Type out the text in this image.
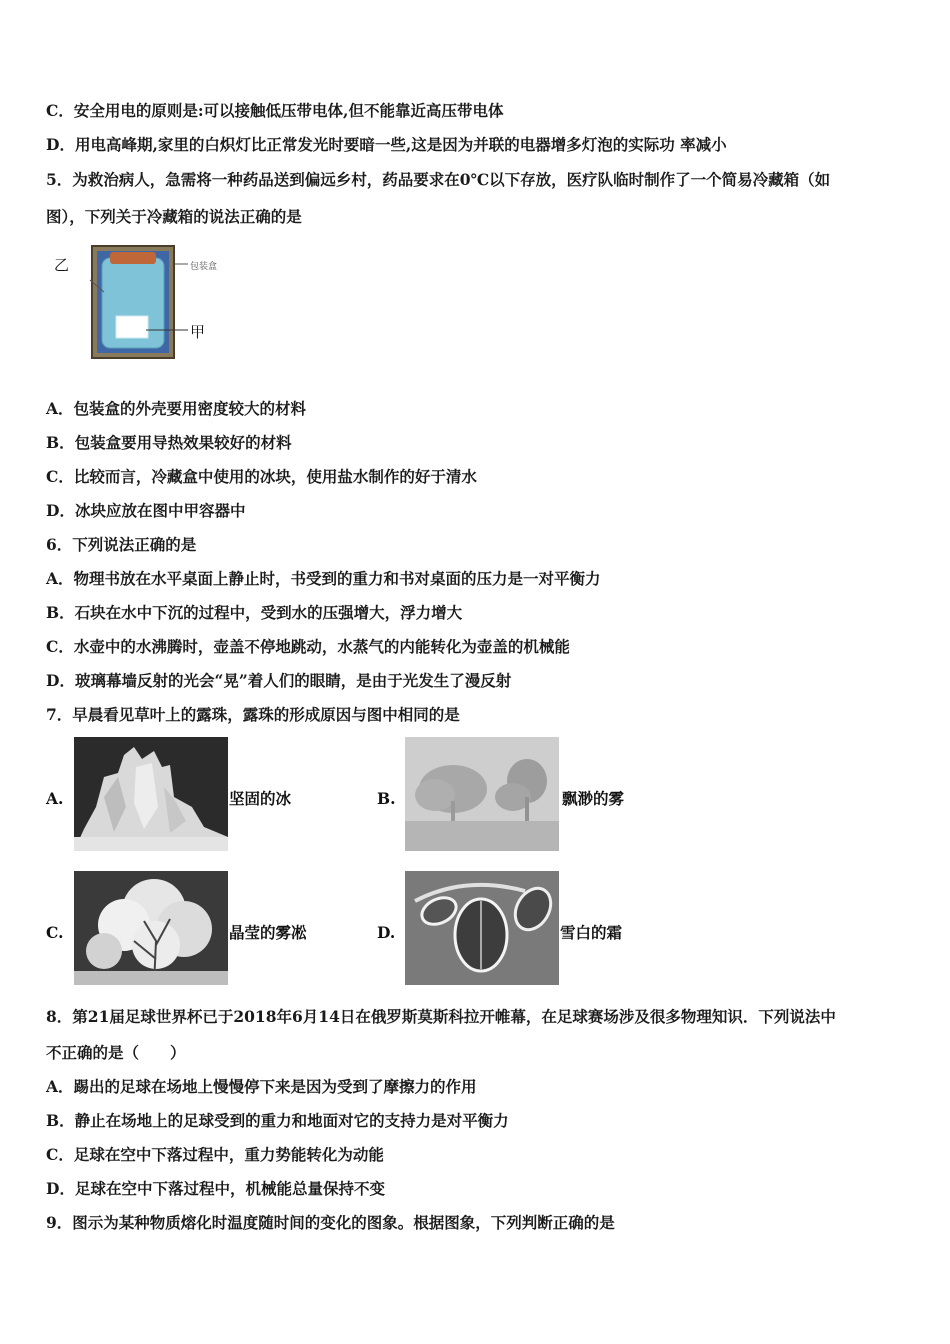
C．安全用电的原则是:可以接触低压带电体,但不能靠近高压带电体
D．用电高峰期,家里的白炽灯比正常发光时要暗一些,这是因为并联的电器增多灯泡的实际功 率减小
5．为救治病人，急需将一种药品送到偏远乡村，药品要求在0℃以下存放，医疗队临时制作了一个简易冷藏箱（如
图），下列关于冷藏箱的说法正确的是
乙	包装盒
甲
A．包装盒的外壳要用密度较大的材料
B．包装盒要用导热效果较好的材料
C．比较而言，冷藏盒中使用的冰块，使用盐水制作的好于清水
D．冰块应放在图中甲容器中
6．下列说法正确的是
A．物理书放在水平桌面上静止时，书受到的重力和书对桌面的压力是一对平衡力
B．石块在水中下沉的过程中，受到水的压强增大，浮力增大
C．水壶中的水沸腾时，壶盖不停地跳动，水蒸气的内能转化为壶盖的机械能
D．玻璃幕墙反射的光会“晃”着人们的眼睛，是由于光发生了漫反射
7．早晨看见草叶上的露珠，露珠的形成原因与图中相同的是
A.	坚固的冰	B.	飘渺的雾
C.	晶莹的雾凇	D.	雪白的霜
8．第21届足球世界杯已于2018年6月14日在俄罗斯莫斯科拉开帷幕，在足球赛场涉及很多物理知识．下列说法中
不正确的是（　　）
A．踢出的足球在场地上慢慢停下来是因为受到了摩擦力的作用
B．静止在场地上的足球受到的重力和地面对它的支持力是对平衡力
C．足球在空中下落过程中，重力势能转化为动能
D．足球在空中下落过程中，机械能总量保持不变
9．图示为某种物质熔化时温度随时间的变化的图象。根据图象，下列判断正确的是
